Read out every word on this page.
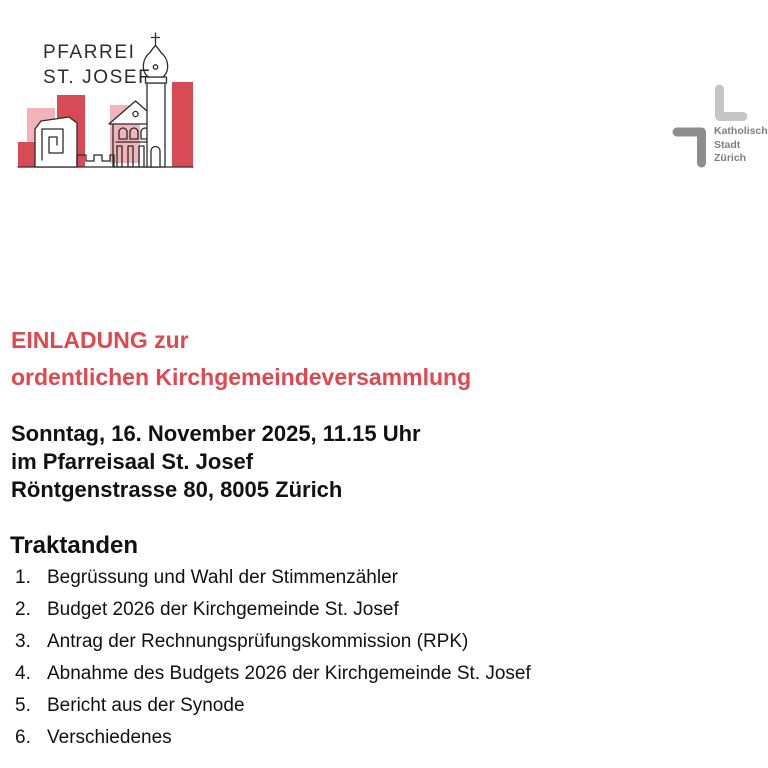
PFARREI
ST. JOSEF
Katholisch
Stadt
Zürich
EINLADUNG zur
ordentlichen Kirchgemeindeversammlung
Sonntag, 16. November 2025, 11.15 Uhr
im Pfarreisaal St. Josef
Röntgenstrasse 80, 8005 Zürich
Traktanden
1. Begrüssung und Wahl der Stimmenzähler
2. Budget 2026 der Kirchgemeinde St. Josef
3. Antrag der Rechnungsprüfungskommission (RPK)
4. Abnahme des Budgets 2026 der Kirchgemeinde St. Josef
5. Bericht aus der Synode
6. Verschiedenes
